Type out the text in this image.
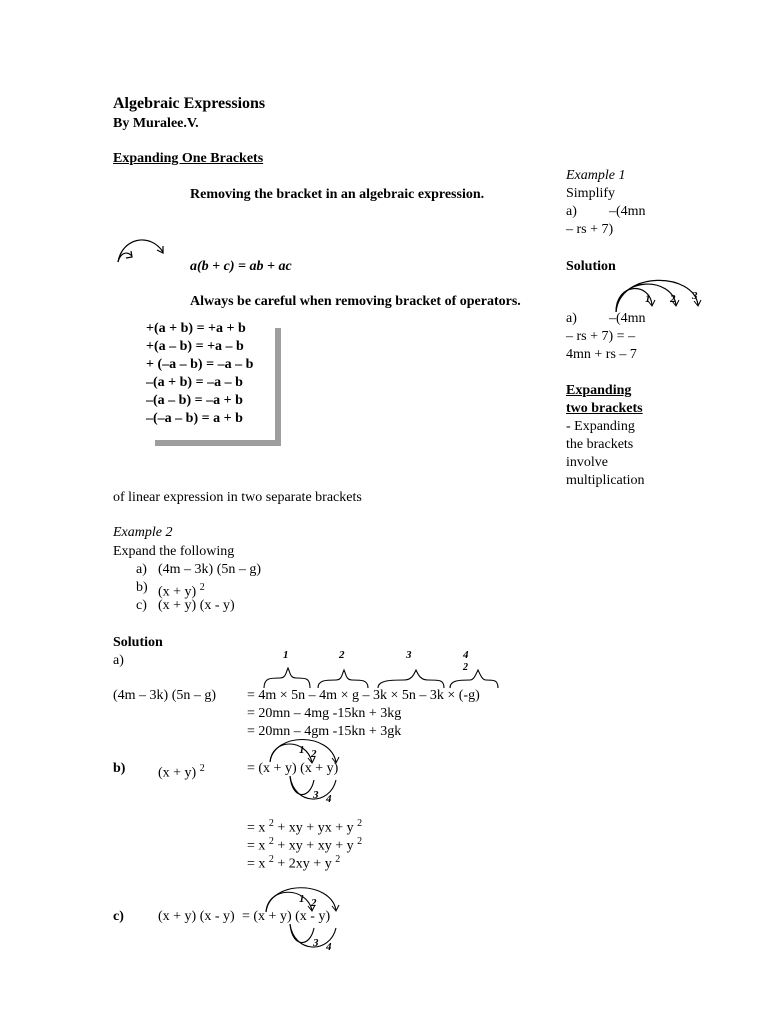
Algebraic Expressions
By Muralee.V.
Expanding One Brackets
Removing the bracket in an algebraic expression.
a(b + c) = ab + ac
Always be careful when removing bracket of operators.
+(a + b) = +a + b
+(a – b) = +a – b
+ (–a – b) = –a – b
–(a + b) = –a – b
–(a – b) = –a + b
–(–a – b) = a + b
Example 1
Simplify
a) –(4mn
– rs + 7)
Solution
1 2 3
a) –(4mn
– rs + 7) = –
4mn + rs – 7
Expanding
two brackets
- Expanding
the brackets
involve
multiplication
of linear expression in two separate brackets
Example 2
Expand the following
a) (4m – 3k) (5n – g)
b) (x + y) $^2$
c) (x + y) (x - y)
Solution
a)	1	2	3	4
2
(4m – 3k) (5n – g) = 4m × 5n – 4m × g – 3k × 5n – 3k × (-g)
= 20mn – 4mg -15kn + 3kg
= 20mn – 4gm -15kn + 3gk
b) (x + y) $^2$	= (x + y) (x + y)
1 2
3 4
= x $^2$ + xy + yx + y $^2$
= x $^2$ + xy + xy + y $^2$
= x $^2$ + 2xy + y $^2$
c) (x + y) (x - y) = (x + y) (x - y)
1 2
3 4
